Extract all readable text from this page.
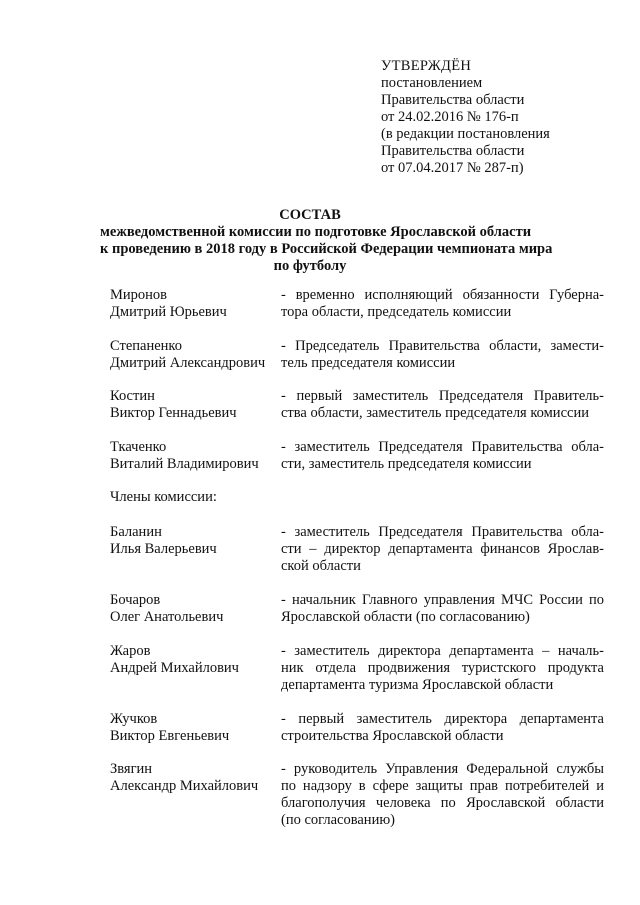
УТВЕРЖДЁН
постановлением
Правительства области
от 24.02.2016 № 176-п
(в редакции постановления
Правительства области
от 07.04.2017 № 287-п)
СОСТАВ
межведомственной комиссии по подготовке Ярославской области
к проведению в 2018 году в Российской Федерации чемпионата мира
по футболу
Миронов
Дмитрий Юрьевич
- временно исполняющий обязанности Губерна-
тора области, председатель комиссии
Степаненко
Дмитрий Александрович
- Председатель Правительства области, замести-
тель председателя комиссии
Костин
Виктор Геннадьевич
- первый заместитель Председателя Правитель-
ства области, заместитель председателя комиссии
Ткаченко
Виталий Владимирович
- заместитель Председателя Правительства обла-
сти, заместитель председателя комиссии
Члены комиссии:
Баланин
Илья Валерьевич
- заместитель Председателя Правительства обла-
сти – директор департамента финансов Ярослав-
ской области
Бочаров
Олег Анатольевич
- начальник Главного управления МЧС России по
Ярославской области (по согласованию)
Жаров
Андрей Михайлович
- заместитель директора департамента – началь-
ник отдела продвижения туристского продукта
департамента туризма Ярославской области
Жучков
Виктор Евгеньевич
- первый заместитель директора департамента
строительства Ярославской области
Звягин
Александр Михайлович
- руководитель Управления Федеральной службы
по надзору в сфере защиты прав потребителей и
благополучия человека по Ярославской области
(по согласованию)
